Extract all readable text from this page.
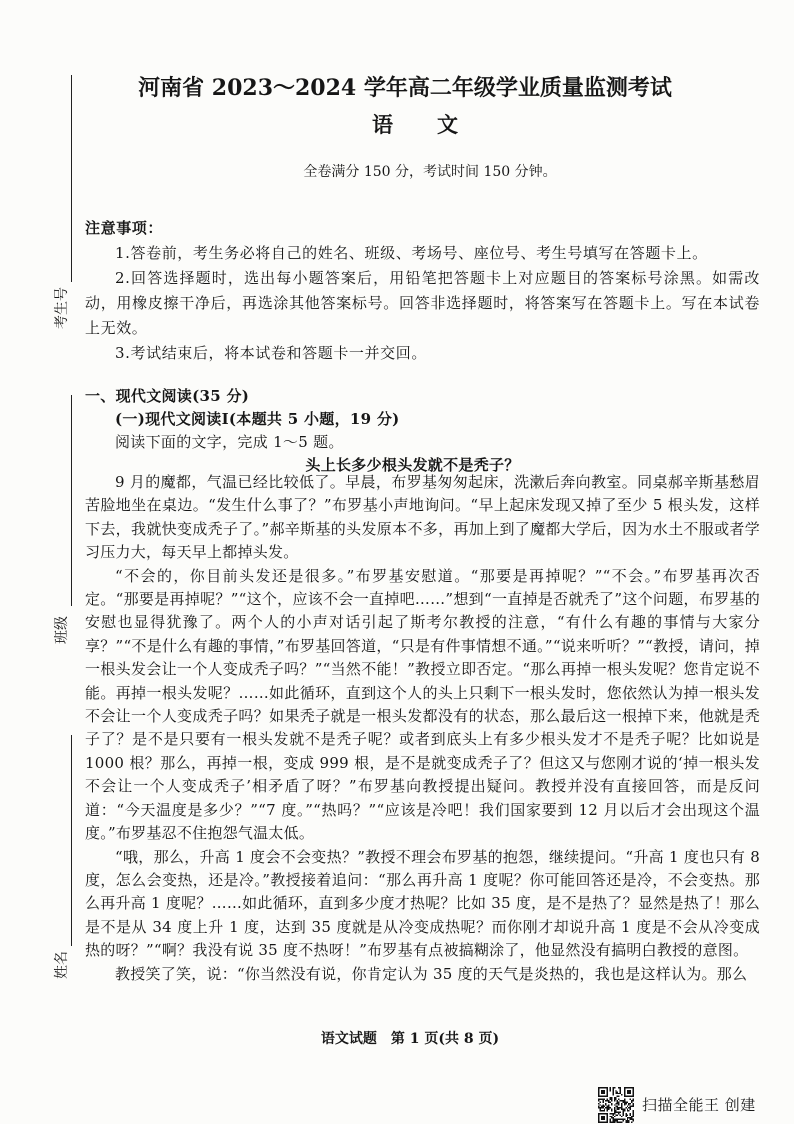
考生号
班级
姓名
河南省 2023～2024 学年高二年级学业质量监测考试
语文
全卷满分 150 分，考试时间 150 分钟。

注意事项：

1.答卷前，考生务必将自己的姓名、班级、考场号、座位号、考生号填写在答题卡上。

2.回答选择题时，选出每小题答案后，用铅笔把答题卡上对应题目的答案标号涂黑。如需改动，用橡皮擦干净后，再选涂其他答案标号。回答非选择题时，将答案写在答题卡上。写在本试卷上无效。

3.考试结束后，将本试卷和答题卡一并交回。

一、现代文阅读(35 分)

(一)现代文阅读Ⅰ(本题共 5 小题，19 分)

阅读下面的文字，完成 1～5 题。

头上长多少根头发就不是秃子？

9 月的魔都，气温已经比较低了。早晨，布罗基匆匆起床，洗漱后奔向教室。同桌郝辛斯基愁眉苦脸地坐在桌边。“发生什么事了？”布罗基小声地询问。“早上起床发现又掉了至少 5 根头发，这样下去，我就快变成秃子了。”郝辛斯基的头发原本不多，再加上到了魔都大学后，因为水土不服或者学习压力大，每天早上都掉头发。

“不会的，你目前头发还是很多。”布罗基安慰道。“那要是再掉呢？”“不会。”布罗基再次否定。“那要是再掉呢？”“这个，应该不会一直掉吧……”想到“一直掉是否就秃了”这个问题，布罗基的安慰也显得犹豫了。两个人的小声对话引起了斯考尔教授的注意，“有什么有趣的事情与大家分享？”“不是什么有趣的事情，”布罗基回答道，“只是有件事情想不通。”“说来听听？”“教授，请问，掉一根头发会让一个人变成秃子吗？”“当然不能！”教授立即否定。“那么再掉一根头发呢？您肯定说不能。再掉一根头发呢？……如此循环，直到这个人的头上只剩下一根头发时，您依然认为掉一根头发不会让一个人变成秃子吗？如果秃子就是一根头发都没有的状态，那么最后这一根掉下来，他就是秃子了？是不是只要有一根头发就不是秃子呢？或者到底头上有多少根头发才不是秃子呢？比如说是 1000 根？那么，再掉一根，变成 999 根，是不是就变成秃子了？但这又与您刚才说的‘掉一根头发不会让一个人变成秃子’相矛盾了呀？”布罗基向教授提出疑问。教授并没有直接回答，而是反问道：“今天温度是多少？”“7 度。”“热吗？”“应该是冷吧！我们国家要到 12 月以后才会出现这个温度。”布罗基忍不住抱怨气温太低。

“哦，那么，升高 1 度会不会变热？”教授不理会布罗基的抱怨，继续提问。“升高 1 度也只有 8 度，怎么会变热，还是冷。”教授接着追问：“那么再升高 1 度呢？你可能回答还是冷，不会变热。那么再升高 1 度呢？……如此循环，直到多少度才热呢？比如 35 度，是不是热了？显然是热了！那么是不是从 34 度上升 1 度，达到 35 度就是从冷变成热呢？而你刚才却说升高 1 度是不会从冷变成热的呀？”“啊？我没有说 35 度不热呀！”布罗基有点被搞糊涂了，他显然没有搞明白教授的意图。

教授笑了笑，说：“你当然没有说，你肯定认为 35 度的天气是炎热的，我也是这样认为。那么

语文试题　第 1 页(共 8 页)
扫描全能王 创建
